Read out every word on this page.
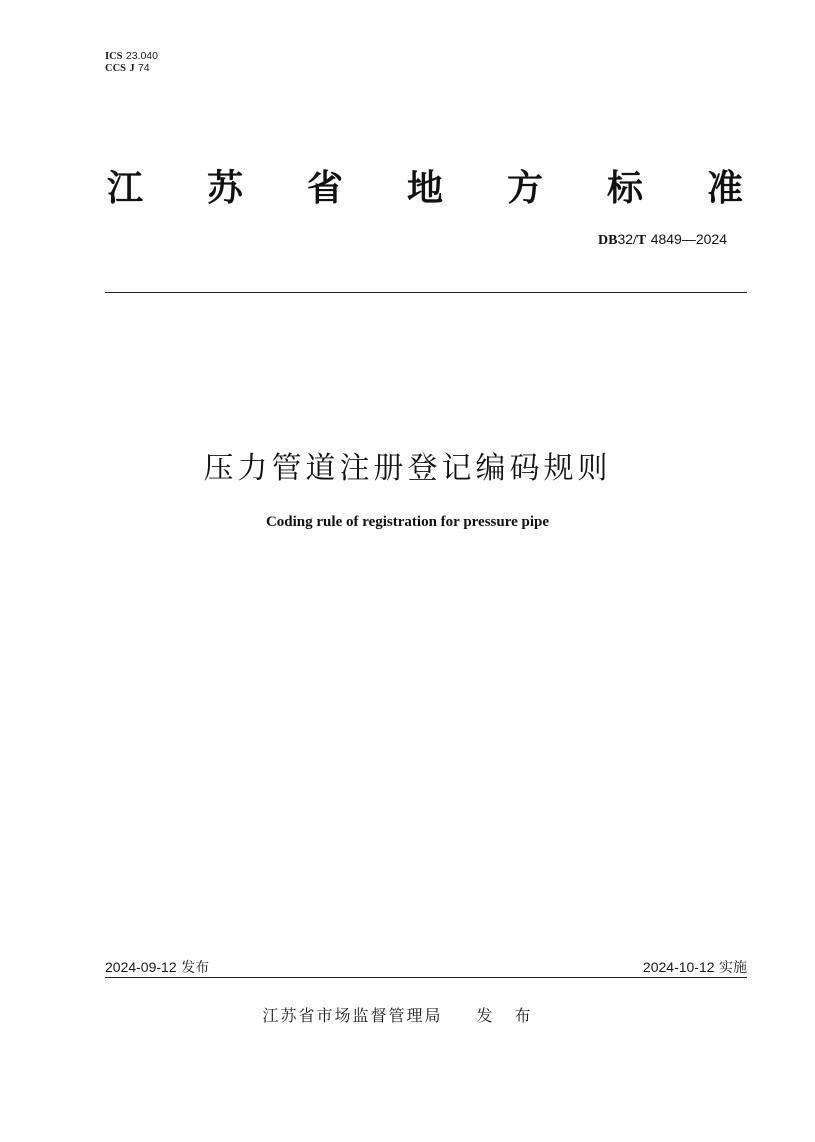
ICS 23.040
CCS J 74
江 苏 省 地 方 标 准
DB32/T 4849—2024
压力管道注册登记编码规则
Coding rule of registration for pressure pipe
2024-09-12 发布	2024-10-12 实施
江苏省市场监督管理局 发布
